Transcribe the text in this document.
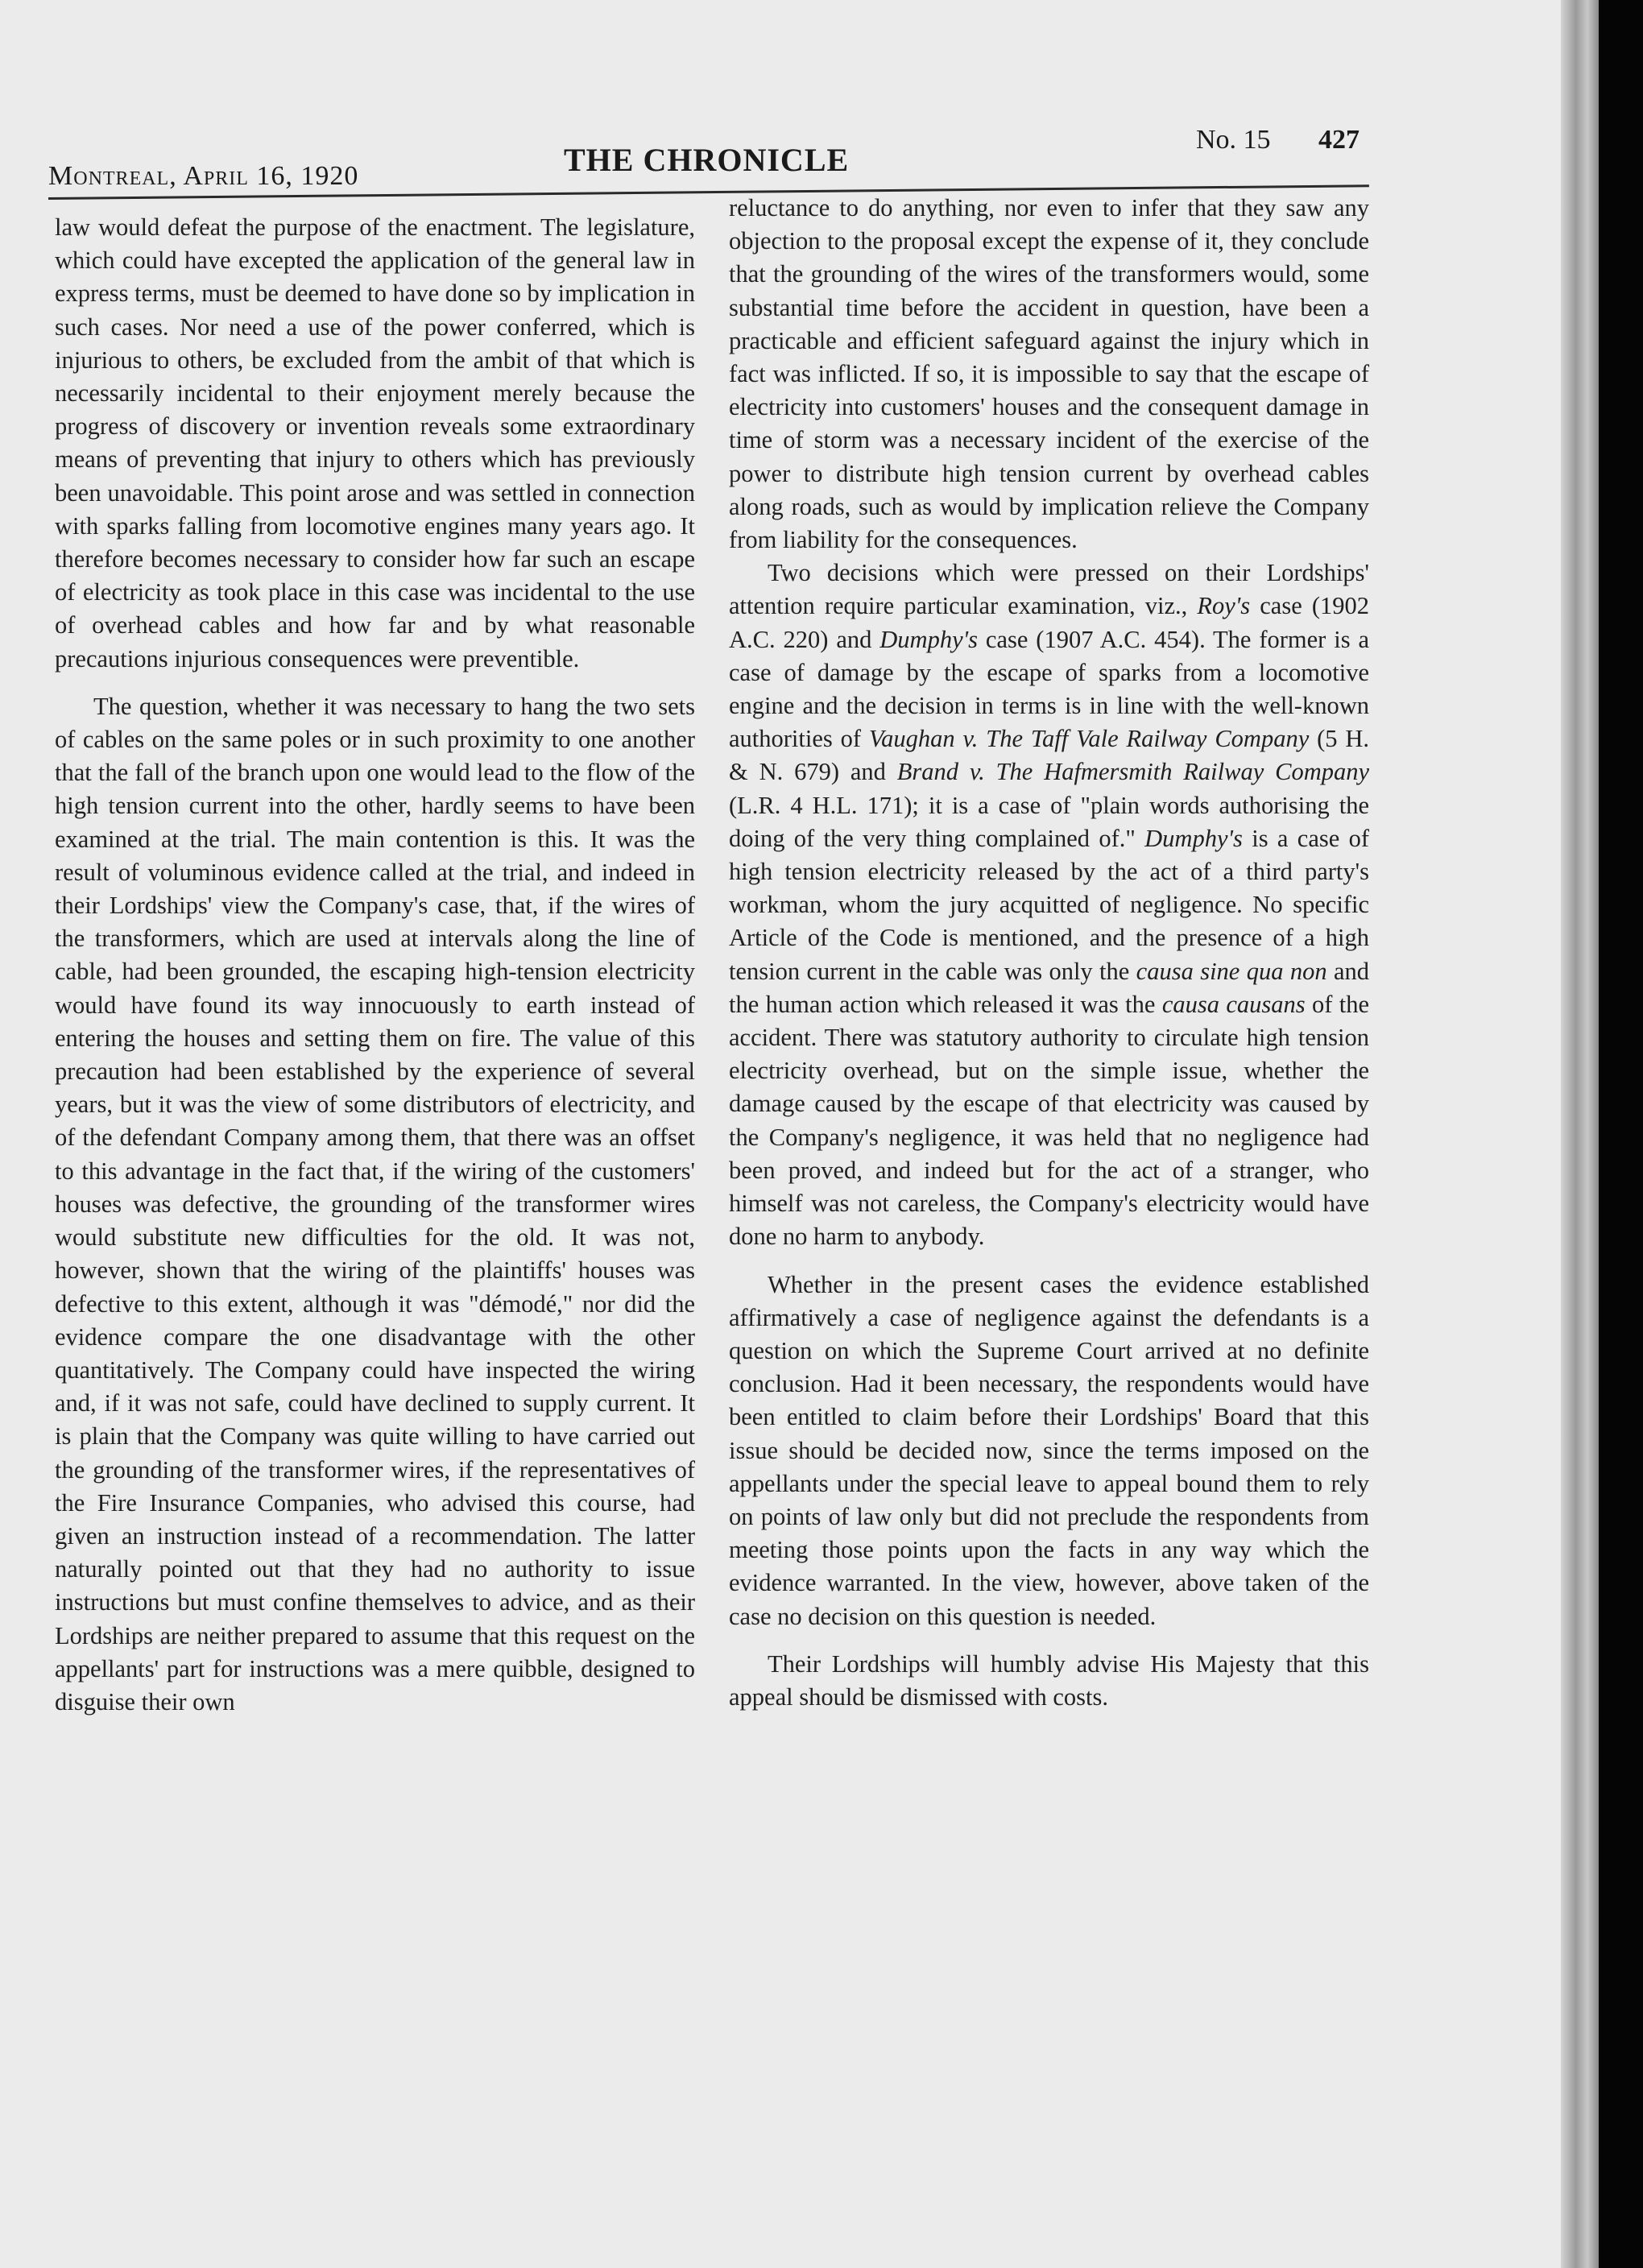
Montreal, April 16, 1920	THE CHRONICLE
No. 15 427

law would defeat the purpose of the enactment. The legislature, which could have excepted the application of the general law in express terms, must be deemed to have done so by implication in such cases. Nor need a use of the power conferred, which is injurious to others, be excluded from the ambit of that which is necessarily incidental to their enjoyment merely because the progress of discovery or invention reveals some extraordinary means of preventing that injury to others which has previously been unavoidable. This point arose and was settled in connection with sparks falling from locomotive engines many years ago. It therefore becomes necessary to consider how far such an escape of electricity as took place in this case was incidental to the use of overhead cables and how far and by what reasonable precautions injurious consequences were preventible.

The question, whether it was necessary to hang the two sets of cables on the same poles or in such proximity to one another that the fall of the branch upon one would lead to the flow of the high tension current into the other, hardly seems to have been examined at the trial. The main contention is this. It was the result of voluminous evidence called at the trial, and indeed in their Lordships' view the Company's case, that, if the wires of the transformers, which are used at intervals along the line of cable, had been grounded, the escaping high-tension electricity would have found its way innocuously to earth instead of entering the houses and setting them on fire. The value of this precaution had been established by the experience of several years, but it was the view of some distributors of electricity, and of the defendant Company among them, that there was an offset to this advantage in the fact that, if the wiring of the customers' houses was defective, the grounding of the transformer wires would substitute new difficulties for the old. It was not, however, shown that the wiring of the plaintiffs' houses was defective to this extent, although it was "démodé," nor did the evidence compare the one disadvantage with the other quantitatively. The Company could have inspected the wiring and, if it was not safe, could have declined to supply current. It is plain that the Company was quite willing to have carried out the grounding of the transformer wires, if the representatives of the Fire Insurance Companies, who advised this course, had given an instruction instead of a recommendation. The latter naturally pointed out that they had no authority to issue instructions but must confine themselves to advice, and as their Lordships are neither prepared to assume that this request on the appellants' part for instructions was a mere quibble, designed to disguise their own

reluctance to do anything, nor even to infer that they saw any objection to the proposal except the expense of it, they conclude that the grounding of the wires of the transformers would, some substantial time before the accident in question, have been a practicable and efficient safeguard against the injury which in fact was inflicted. If so, it is impossible to say that the escape of electricity into customers' houses and the consequent damage in time of storm was a necessary incident of the exercise of the power to distribute high tension current by overhead cables along roads, such as would by implication relieve the Company from liability for the consequences.

Two decisions which were pressed on their Lordships' attention require particular examination, viz., Roy's case (1902 A.C. 220) and Dumphy's case (1907 A.C. 454). The former is a case of damage by the escape of sparks from a locomotive engine and the decision in terms is in line with the well-known authorities of Vaughan v. The Taff Vale Railway Company (5 H. & N. 679) and Brand v. The Hafmersmith Railway Company (L.R. 4 H.L. 171); it is a case of "plain words authorising the doing of the very thing complained of." Dumphy's is a case of high tension electricity released by the act of a third party's workman, whom the jury acquitted of negligence. No specific Article of the Code is mentioned, and the presence of a high tension current in the cable was only the causa sine qua non and the human action which released it was the causa causans of the accident. There was statutory authority to circulate high tension electricity overhead, but on the simple issue, whether the damage caused by the escape of that electricity was caused by the Company's negligence, it was held that no negligence had been proved, and indeed but for the act of a stranger, who himself was not careless, the Company's electricity would have done no harm to anybody.

Whether in the present cases the evidence established affirmatively a case of negligence against the defendants is a question on which the Supreme Court arrived at no definite conclusion. Had it been necessary, the respondents would have been entitled to claim before their Lordships' Board that this issue should be decided now, since the terms imposed on the appellants under the special leave to appeal bound them to rely on points of law only but did not preclude the respondents from meeting those points upon the facts in any way which the evidence warranted. In the view, however, above taken of the case no decision on this question is needed.

Their Lordships will humbly advise His Majesty that this appeal should be dismissed with costs.
